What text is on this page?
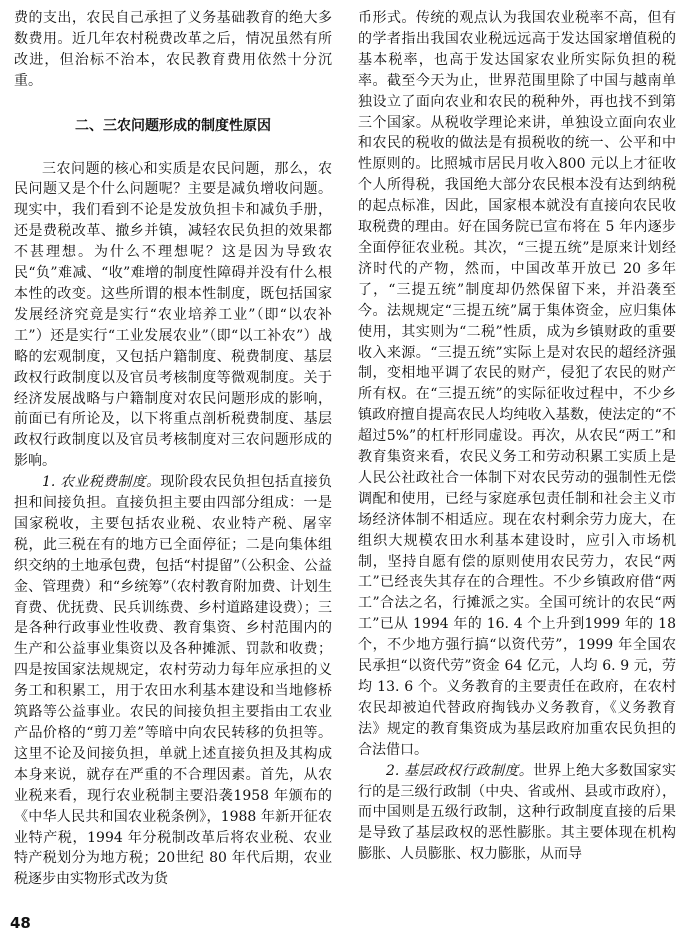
费的支出，农民自己承担了义务基础教育的绝大多数费用。近几年农村税费改革之后，情况虽然有所改进，但治标不治本，农民教育费用依然十分沉重。

二、三农问题形成的制度性原因

三农问题的核心和实质是农民问题，那么，农民问题又是个什么问题呢？主要是减负增收问题。现实中，我们看到不论是发放负担卡和减负手册，还是费税改革、撤乡并镇，减轻农民负担的效果都不甚理想。为什么不理想呢？这是因为导致农民“负”难减、“收”难增的制度性障碍并没有什么根本性的改变。这些所谓的根本性制度，既包括国家发展经济究竟是实行“农业培养工业”（即“以农补工”）还是实行“工业发展农业”（即“以工补农”）战略的宏观制度，又包括户籍制度、税费制度、基层政权行政制度以及官员考核制度等微观制度。关于经济发展战略与户籍制度对农民问题形成的影响，前面已有所论及，以下将重点剖析税费制度、基层政权行政制度以及官员考核制度对三农问题形成的影响。

1. 农业税费制度。现阶段农民负担包括直接负担和间接负担。直接负担主要由四部分组成：一是国家税收，主要包括农业税、农业特产税、屠宰税，此三税在有的地方已全面停征；二是向集体组织交纳的土地承包费，包括“村提留”（公积金、公益金、管理费）和“乡统筹”（农村教育附加费、计划生育费、优抚费、民兵训练费、乡村道路建设费）；三是各种行政事业性收费、教育集资、乡村范围内的生产和公益事业集资以及各种摊派、罚款和收费；四是按国家法规规定，农村劳动力每年应承担的义务工和积累工，用于农田水利基本建设和当地修桥筑路等公益事业。农民的间接负担主要指由工农业产品价格的“剪刀差”等暗中向农民转移的负担等。这里不论及间接负担，单就上述直接负担及其构成本身来说，就存在严重的不合理因素。首先，从农业税来看，现行农业税制主要沿袭1958 年颁布的《中华人民共和国农业税条例》，1988 年新开征农业特产税，1994 年分税制改革后将农业税、农业特产税划分为地方税；20世纪 80 年代后期，农业税逐步由实物形式改为货

币形式。传统的观点认为我国农业税率不高，但有的学者指出我国农业税远远高于发达国家增值税的基本税率，也高于发达国家农业所实际负担的税率。截至今天为止，世界范围里除了中国与越南单独设立了面向农业和农民的税种外，再也找不到第三个国家。从税收学理论来讲，单独设立面向农业和农民的税收的做法是有损税收的统一、公平和中性原则的。比照城市居民月收入800 元以上才征收个人所得税，我国绝大部分农民根本没有达到纳税的起点标准，因此，国家根本就没有直接向农民收取税费的理由。好在国务院已宣布将在 5 年内逐步全面停征农业税。其次，“三提五统”是原来计划经济时代的产物，然而，中国改革开放已 20 多年了，“三提五统”制度却仍然保留下来，并沿袭至今。法规规定“三提五统”属于集体资金，应归集体使用，其实则为“二税”性质，成为乡镇财政的重要收入来源。“三提五统”实际上是对农民的超经济强制，变相地平调了农民的财产，侵犯了农民的财产所有权。在“三提五统”的实际征收过程中，不少乡镇政府擅自提高农民人均纯收入基数，使法定的“不超过5%”的杠杆形同虚设。再次，从农民“两工”和教育集资来看，农民义务工和劳动积累工实质上是人民公社政社合一体制下对农民劳动的强制性无偿调配和使用，已经与家庭承包责任制和社会主义市场经济体制不相适应。现在农村剩余劳力庞大，在组织大规模农田水利基本建设时，应引入市场机制，坚持自愿有偿的原则使用农民劳力，农民“两工”已经丧失其存在的合理性。不少乡镇政府借“两工”合法之名，行摊派之实。全国可统计的农民“两工”已从 1994 年的 16. 4 个上升到1999 年的 18 个，不少地方强行搞“以资代劳”，1999 年全国农民承担“以资代劳”资金 64 亿元，人均 6. 9 元，劳均 13. 6 个。义务教育的主要责任在政府，在农村农民却被迫代替政府掏钱办义务教育，《义务教育法》规定的教育集资成为基层政府加重农民负担的合法借口。

2. 基层政权行政制度。世界上绝大多数国家实行的是三级行政制（中央、省或州、县或市政府），而中国则是五级行政制，这种行政制度直接的后果是导致了基层政权的恶性膨胀。其主要体现在机构膨胀、人员膨胀、权力膨胀，从而导

48
